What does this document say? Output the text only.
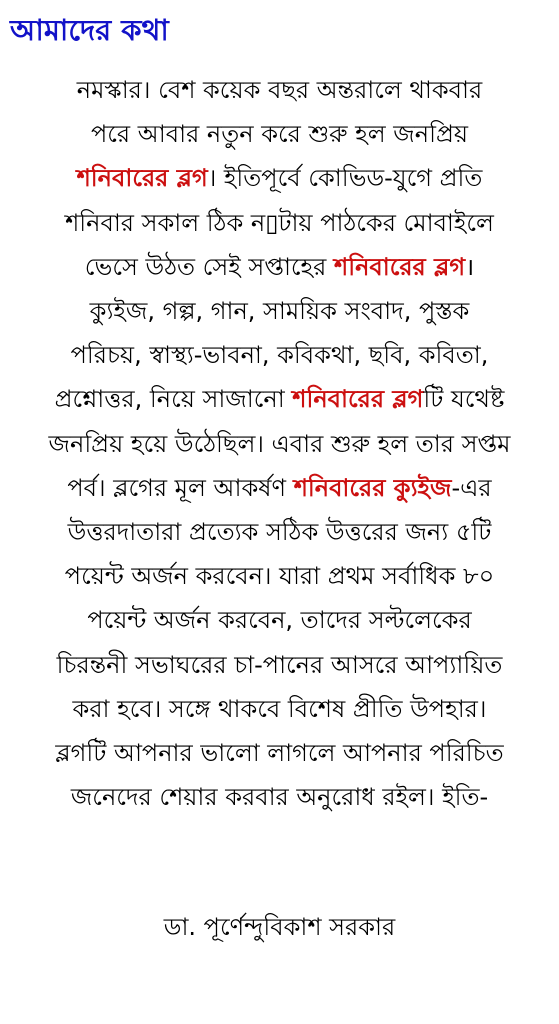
আমাদের কথা
নমস্কার। বেশ কয়েক বছর অন্তরালে থাকবার
পরে আবার নতুন করে শুরু হল জনপ্রিয়
শনিবারের ব্লগ। ইতিপূর্বে কোভিড-যুগে প্রতি
শনিবার সকাল ঠিক ন▯টায় পাঠকের মোবাইলে
ভেসে উঠত সেই সপ্তাহের শনিবারের ব্লগ।
ক্যুইজ, গল্প, গান, সাময়িক সংবাদ, পুস্তক
পরিচয়, স্বাস্থ্য-ভাবনা, কবিকথা, ছবি, কবিতা,
প্রশ্নোত্তর, নিয়ে সাজানো শনিবারের ব্লগটি যথেষ্ট
জনপ্রিয় হয়ে উঠেছিল। এবার শুরু হল তার সপ্তম
পর্ব। ব্লগের মূল আকর্ষণ শনিবারের ক্যুইজ-এর
উত্তরদাতারা প্রত্যেক সঠিক উত্তরের জন্য ৫টি
পয়েন্ট অর্জন করবেন। যারা প্রথম সর্বাধিক ৮০
পয়েন্ট অর্জন করবেন, তাদের সল্টলেকের
চিরন্তনী সভাঘরের চা-পানের আসরে আপ্যায়িত
করা হবে। সঙ্গে থাকবে বিশেষ প্রীতি উপহার।
ব্লগটি আপনার ভালো লাগলে আপনার পরিচিত
জনেদের শেয়ার করবার অনুরোধ রইল। ইতি-
ডা. পূর্ণেন্দুবিকাশ সরকার
